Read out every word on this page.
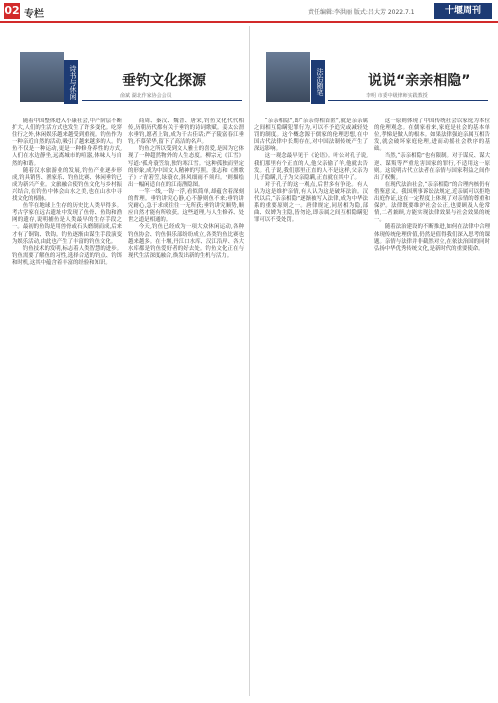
02 专栏	责任编辑:李洪丽 版式:吕大芳 2022.7.1	十堰周刊
诗书与休闲	垂钓文化探源
俞斌 湖北作家协会会员

随着中国整体进入小康社会,中产阶层不断扩大,人们的生活方式也发生了许多变化。吃穿住行之外,休闲娱乐越来越受到重视。钓鱼作为一种亲近自然的活动,吸引了越来越多的人。钓鱼不仅是一种运动,更是一种修身养性的方式,人们在水边静坐,远离城市的喧嚣,体味人与自然的和谐。

随着汉水旅游业的发展,钓鱼产业逐步形成,钓具销售、渔家乐、钓鱼比赛、休闲垂钓已成为新兴产业。文旅融合使钓鱼文化与乡村振兴结合,在钓鱼中体会山水之美,也在山水中寻找文化的根脉。

鱼竿在地球上生存的历史比人类早得多。考古学家在远古遗址中发现了鱼骨、鱼钩和渔网的遗存,说明捕鱼是人类最早的生存手段之一。最初的鱼钩是用兽骨或石头磨制而成,后来才有了铜钩、铁钩。钓鱼逐渐由谋生手段演变为娱乐活动,由此也产生了丰富的钓鱼文化。

钓鱼技术的发明,标志着人类智慧的进步。钓鱼需要了解鱼的习性,选择合适的钓点、钓饵和时机,这其中蕴含着丰富的经验和知识。

商周、秦汉、魏晋、唐宋,钓鱼文化代代相传,历朝历代都有关于垂钓的诗词歌赋。姜太公渭水垂钓,愿者上钩,成为千古佳话;严子陵富春江垂钓,不慕荣华,留下了高洁的名声。

钓鱼之所以受到文人雅士的喜爱,是因为它体现了一种超然物外的人生态度。柳宗元《江雪》写道:'孤舟蓑笠翁,独钓寒江雪。'这种孤独而坚定的形象,成为中国文人精神的写照。张志和《渔歌子》:'青箬笠,绿蓑衣,斜风细雨不须归。'则描绘出一幅闲适自在的江南渔隐图。

一竿一线,一钩一浮,看似简单,却蕴含着深刻的哲理。垂钓讲究心静,心不静则鱼不来;垂钓讲究耐心,急于求成往往一无所获;垂钓讲究顺势,顺应自然才能有所收获。这些道理,与人生修养、处世之道是相通的。

今天,钓鱼已经成为一项大众休闲运动,各种钓鱼协会、钓鱼俱乐部纷纷成立,各类钓鱼比赛也越来越多。在十堰,丹江口水库、汉江沿岸、各大水库都是钓鱼爱好者的好去处。钓鱼文化正在与现代生活深度融合,焕发出新的生机与活力。

法治随笔	说说“亲亲相隐”
李明 市委中级律师实践教授

“亲亲相隐”,即“亲亲得相首匿”,就是亲亲属之间相互隐瞒犯罪行为,可以不予追究或减轻处罚的制度。这个概念源于儒家的伦理思想,在中国古代法律中长期存在,对中国法制传统产生了深远影响。

这一观念最早见于《论语》。叶公对孔子说,我们那里有个正直的人,他父亲偷了羊,他就去告发。孔子说,我们那里正直的人不是这样,父亲为儿子隐瞒,儿子为父亲隐瞒,正直就在其中了。

对于孔子的这一观点,后世多有争论。有人认为这是维护亲情,有人认为这是破坏法治。汉代以后,“亲亲相隐”逐渐被写入法律,成为中华法系的重要原则之一。唐律规定,同居相为隐,部曲、奴婢为主隐,皆勿论,即亲属之间互相隐瞒犯罪可以不受处罚。

这一原则体现了中国传统社会以家庭为本位的伦理观念。在儒家看来,家庭是社会的基本单位,孝悌是做人的根本。如果法律强迫亲属互相告发,就会破坏家庭伦理,进而动摇社会秩序的基础。

当然,“亲亲相隐”也有限制。对于谋反、谋大逆、谋叛等严重危害国家的罪行,不适用这一原则。这说明古代立法者在亲情与国家利益之间作出了权衡。

在现代法治社会,“亲亲相隐”的合理内核仍有借鉴意义。我国刑事诉讼法规定,近亲属可以拒绝出庭作证,这在一定程度上体现了对亲情的尊重和保护。法律既要维护社会公正,也要顾及人伦常情,二者兼顾,方能实现法律效果与社会效果的统一。

随着法治建设的不断推进,如何在法律中合理体现传统伦理价值,仍然是值得我们深入思考的课题。亲情与法律并非截然对立,在依法治国的同时弘扬中华优秀传统文化,是新时代的重要使命。
